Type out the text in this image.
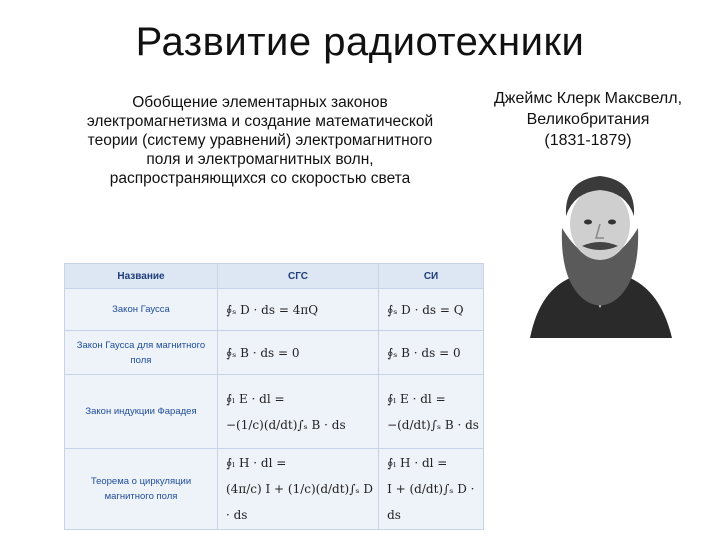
Развитие радиотехники
Обобщение элементарных законов электромагнетизма и создание математической теории (систему уравнений) электромагнитного поля и электромагнитных волн, распространяющихся со скоростью света
Джеймс Клерк Максвелл,
Великобритания
(1831-1879)
Название	СГС	СИ
Закон Гаусса	∮ₛ D · ds = 4πQ	∮ₛ D · ds = Q

Закон Гаусса для магнитного поля	∮ₛ B · ds = 0	∮ₛ B · ds = 0

Закон индукции Фарадея	∮ₗ E · dl =
−(1/c)(d/dt)∫ₛ B · ds	∮ₗ E · dl =
−(d/dt)∫ₛ B · ds

Теорема о циркуляции магнитного поля	∮ₗ H · dl =
(4π/c) I + (1/c)(d/dt)∫ₛ D · ds	∮ₗ H · dl =
I + (d/dt)∫ₛ D · ds
